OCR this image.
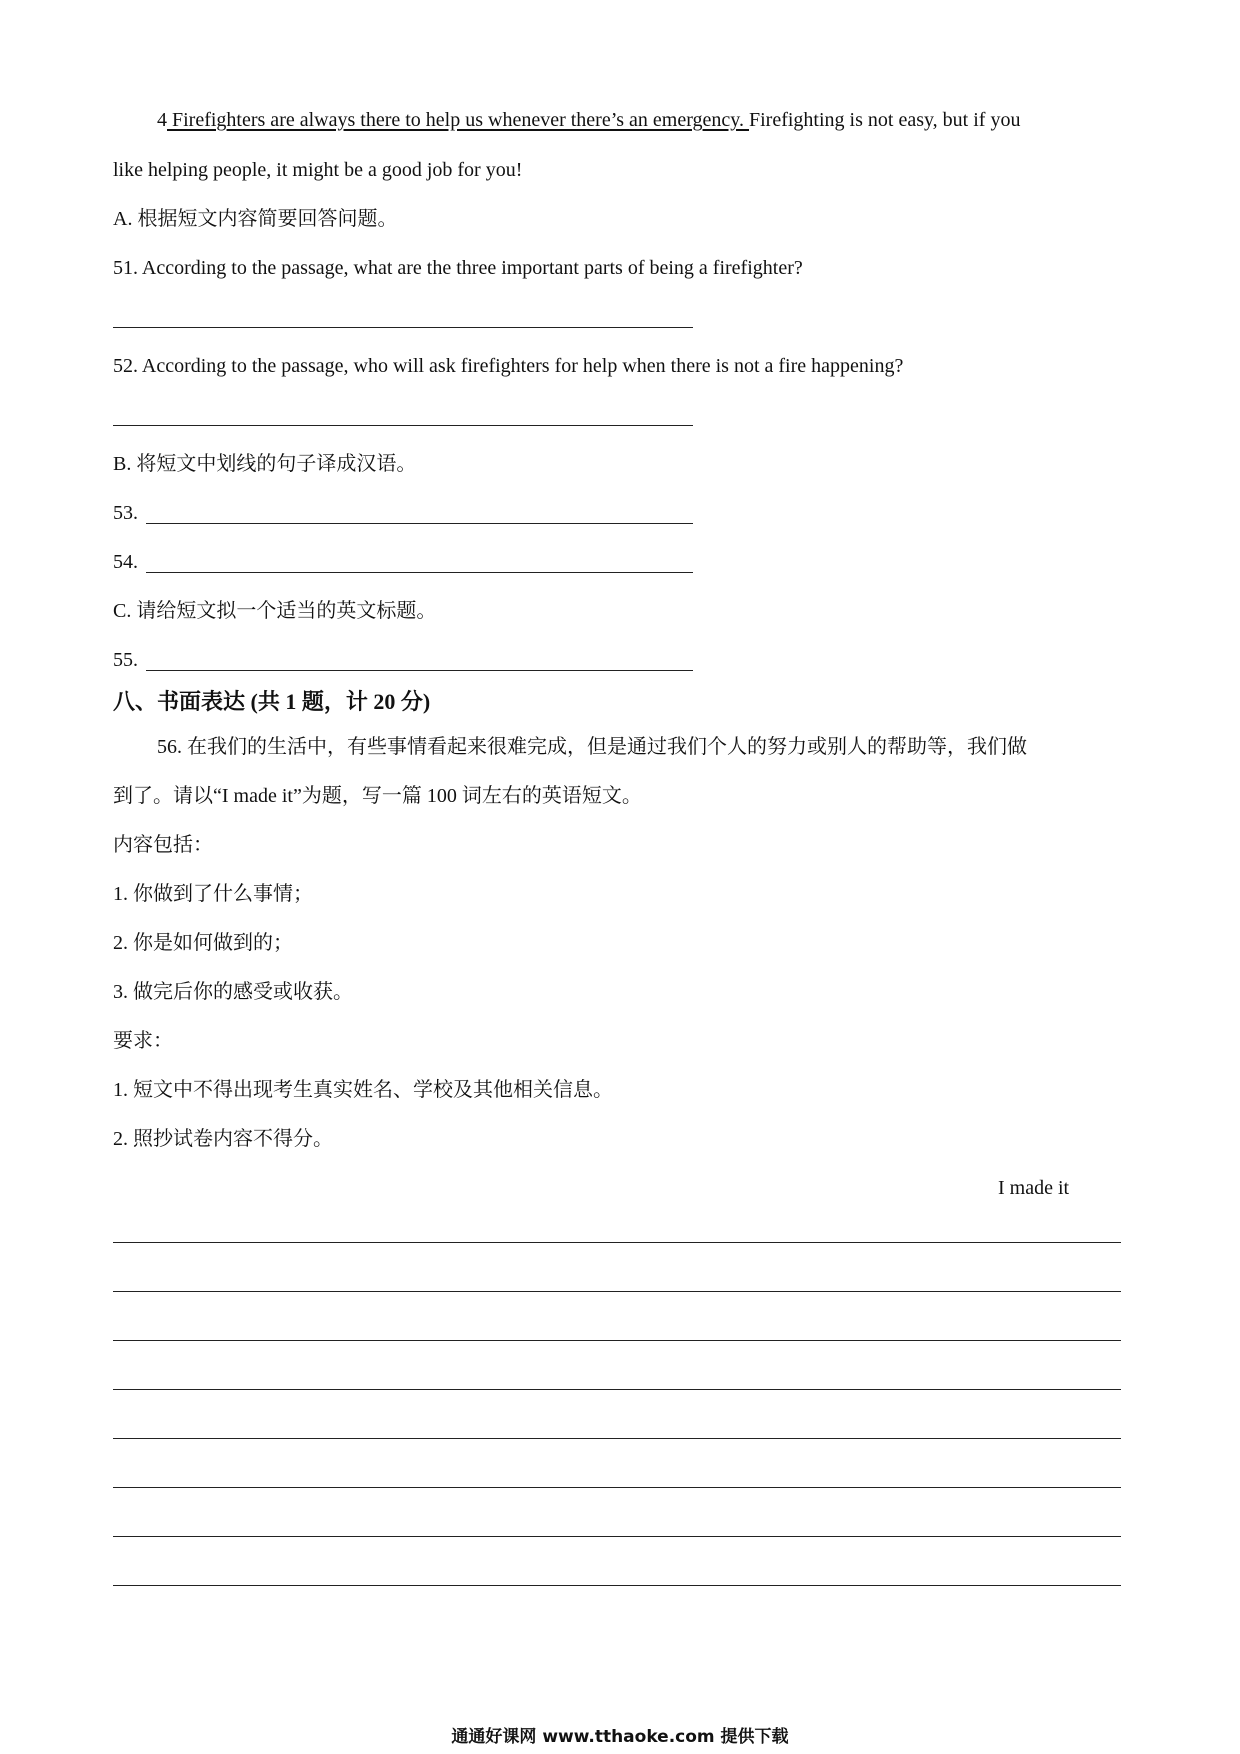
4 Firefighters are always there to help us whenever there’s an emergency. Firefighting is not easy, but if you
like helping people, it might be a good job for you!
A. 根据短文内容简要回答问题。
51. According to the passage, what are the three important parts of being a firefighter?
52. According to the passage, who will ask firefighters for help when there is not a fire happening?
B. 将短文中划线的句子译成汉语。
53.
54.
C. 请给短文拟一个适当的英文标题。
55.
八、书面表达 (共 1 题，计 20 分)
56. 在我们的生活中，有些事情看起来很难完成，但是通过我们个人的努力或别人的帮助等，我们做
到了。请以“I made it”为题，写一篇 100 词左右的英语短文。
内容包括：
1. 你做到了什么事情；
2. 你是如何做到的；
3. 做完后你的感受或收获。
要求：
1. 短文中不得出现考生真实姓名、学校及其他相关信息。
2. 照抄试卷内容不得分。
I made it
通通好课网 www.tthaoke.com 提供下载
